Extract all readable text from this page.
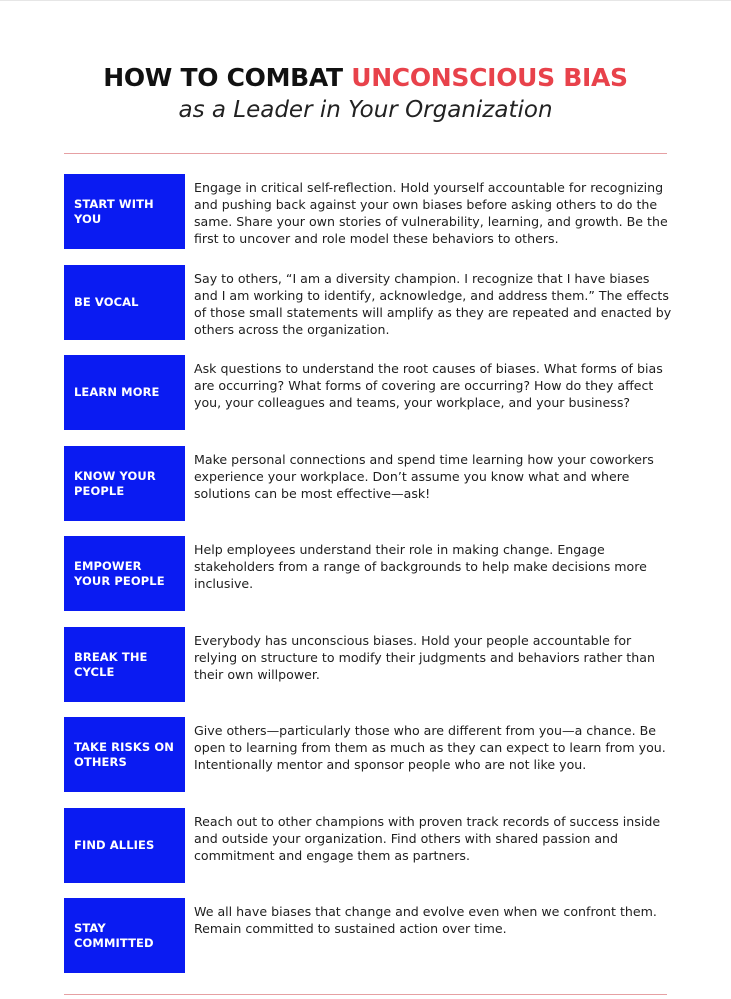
HOW TO COMBAT UNCONSCIOUS BIAS
as a Leader in Your Organization
START WITH YOU
Engage in critical self-reflection. Hold yourself accountable for recognizing and pushing back against your own biases before asking others to do the same. Share your own stories of vulnerability, learning, and growth. Be the first to uncover and role model these behaviors to others.
BE VOCAL
Say to others, “I am a diversity champion. I recognize that I have biases and I am working to identify, acknowledge, and address them.” The effects of those small statements will amplify as they are repeated and enacted by others across the organization.
LEARN MORE
Ask questions to understand the root causes of biases. What forms of bias are occurring? What forms of covering are occurring? How do they affect you, your colleagues and teams, your workplace, and your business?
KNOW YOUR PEOPLE
Make personal connections and spend time learning how your coworkers experience your workplace. Don’t assume you know what and where solutions can be most effective—ask!
EMPOWER YOUR PEOPLE
Help employees understand their role in making change. Engage stakeholders from a range of backgrounds to help make decisions more inclusive.
BREAK THE CYCLE
Everybody has unconscious biases. Hold your people accountable for relying on structure to modify their judgments and behaviors rather than their own willpower.
TAKE RISKS ON OTHERS
Give others—particularly those who are different from you—a chance. Be open to learning from them as much as they can expect to learn from you. Intentionally mentor and sponsor people who are not like you.
FIND ALLIES
Reach out to other champions with proven track records of success inside and outside your organization. Find others with shared passion and commitment and engage them as partners.
STAY COMMITTED
We all have biases that change and evolve even when we confront them. Remain committed to sustained action over time.
